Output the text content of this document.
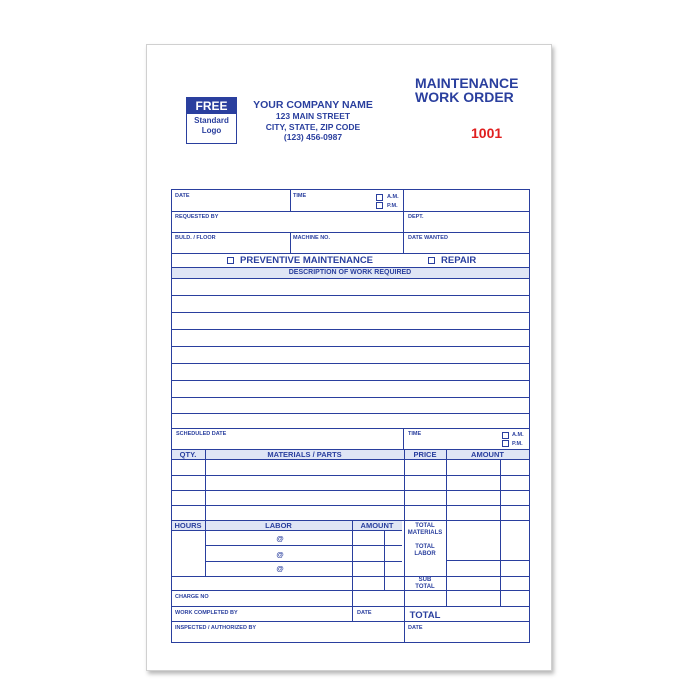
FREE
Standard
Logo
YOUR COMPANY NAME
123 MAIN STREET
CITY, STATE, ZIP CODE
(123) 456-0987
MAINTENANCE
WORK ORDER
1001
DATE	TIME	A.M.
P.M.
REQUESTED BY	DEPT.
BULD. / FLOOR	MACHINE NO.	DATE WANTED
PREVENTIVE MAINTENANCE	REPAIR
DESCRIPTION OF WORK REQUIRED
SCHEDULED DATE	TIME	A.M.
P.M.
QTY.	MATERIALS / PARTS	PRICE	AMOUNT
HOURS	LABOR	AMOUNT
@
@
@
TOTAL MATERIALS
TOTAL LABOR
SUB TOTAL
CHARGE NO
WORK COMPLETED BY	DATE	TOTAL
INSPECTED / AUTHORIZED BY	DATE
